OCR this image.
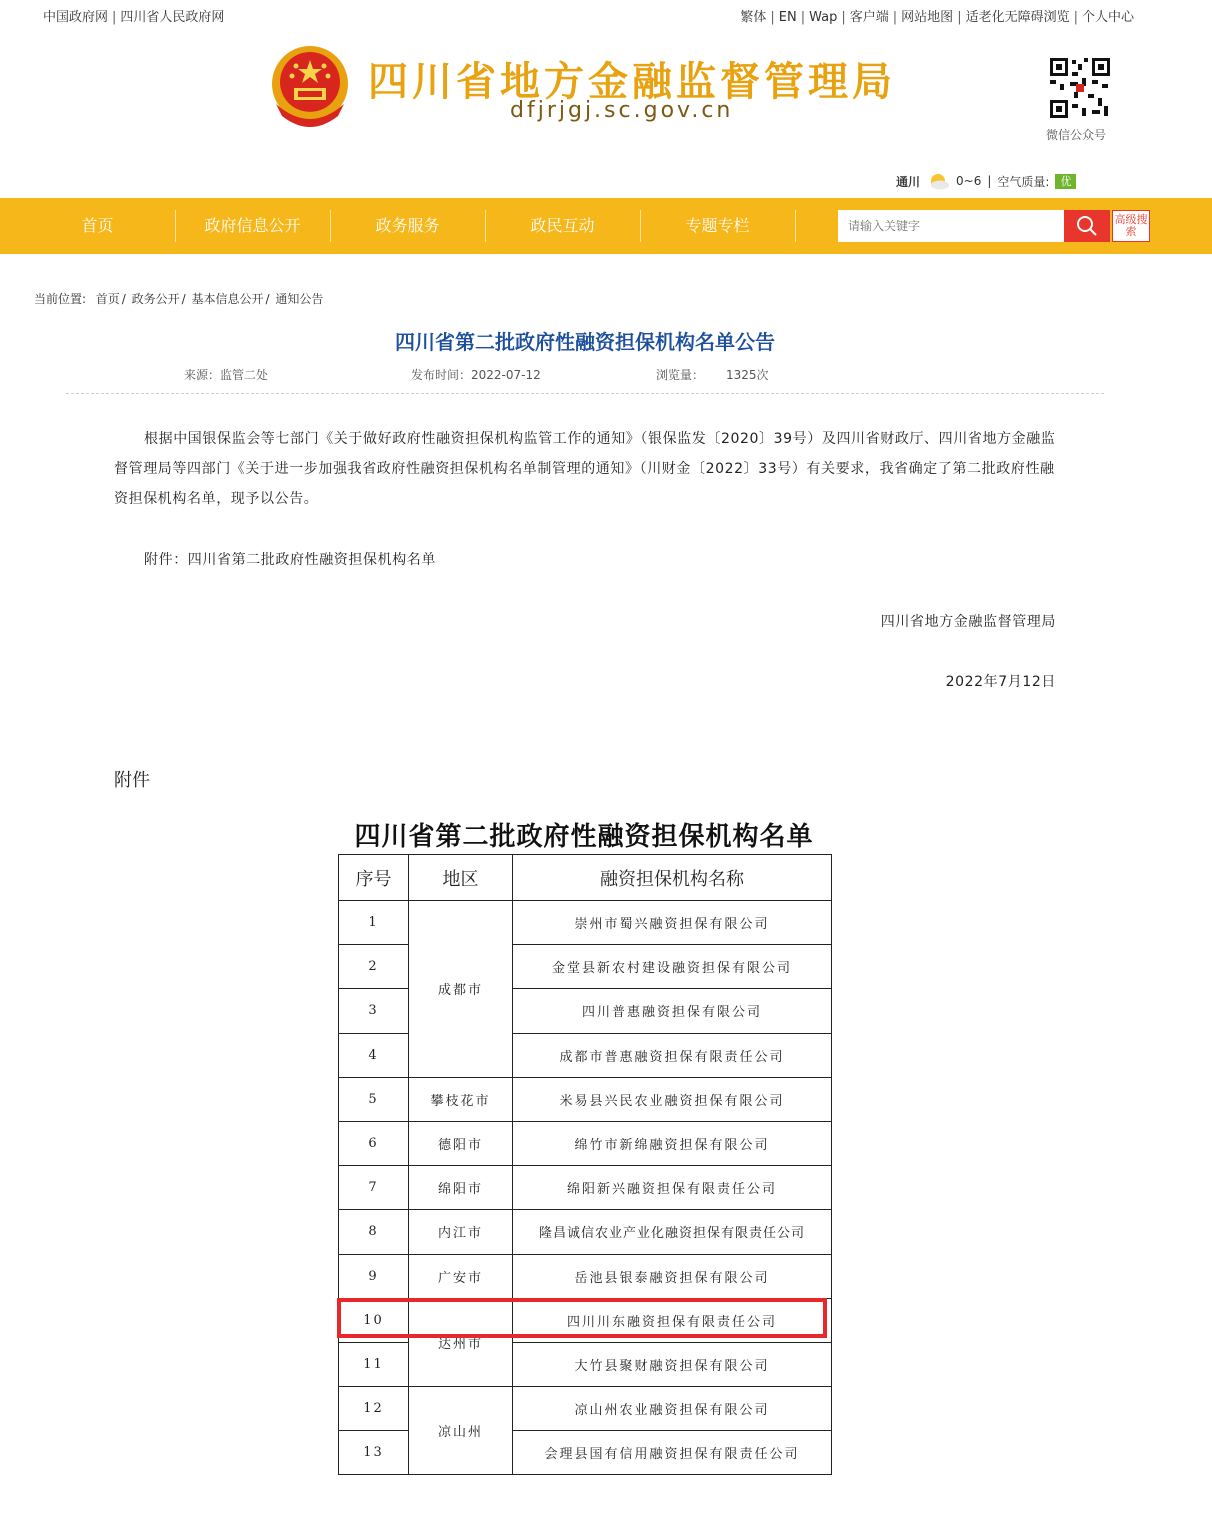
中国政府网 | 四川省人民政府网	繁体 | EN | Wap | 客户端 | 网站地图 | 适老化无障碍浏览 | 个人中心
四川省地方金融监督管理局
dfjrjgj.sc.gov.cn
微信公众号
通川	0~6 | 空气质量:	优
首页	政府信息公开	政务服务	政民互动	专题专栏
请输入关键字	高级搜索
当前位置: 首页 / 政务公开 / 基本信息公开 / 通知公告
四川省第二批政府性融资担保机构名单公告
来源：监管二处	发布时间：2022-07-12	浏览量： 1325次
根据中国银保监会等七部门《关于做好政府性融资担保机构监管工作的通知》（银保监发〔2020〕39号）及四川省财政厅、四川省地方金融监督管理局等四部门《关于进一步加强我省政府性融资担保机构名单制管理的通知》（川财金〔2022〕33号）有关要求，我省确定了第二批政府性融资担保机构名单，现予以公告。
附件：四川省第二批政府性融资担保机构名单
四川省地方金融监督管理局
2022年7月12日
附件
四川省第二批政府性融资担保机构名单
序号	地区	融资担保机构名称
1	成都市	崇州市蜀兴融资担保有限公司
2		金堂县新农村建设融资担保有限公司
3		四川普惠融资担保有限公司
4		成都市普惠融资担保有限责任公司
5	攀枝花市	米易县兴民农业融资担保有限公司
6	德阳市	绵竹市新绵融资担保有限公司
7	绵阳市	绵阳新兴融资担保有限责任公司
8	内江市	隆昌诚信农业产业化融资担保有限责任公司
9	广安市	岳池县银泰融资担保有限公司
10	达州市	四川川东融资担保有限责任公司
11		大竹县聚财融资担保有限公司
12	凉山州	凉山州农业融资担保有限公司
13		会理县国有信用融资担保有限责任公司
